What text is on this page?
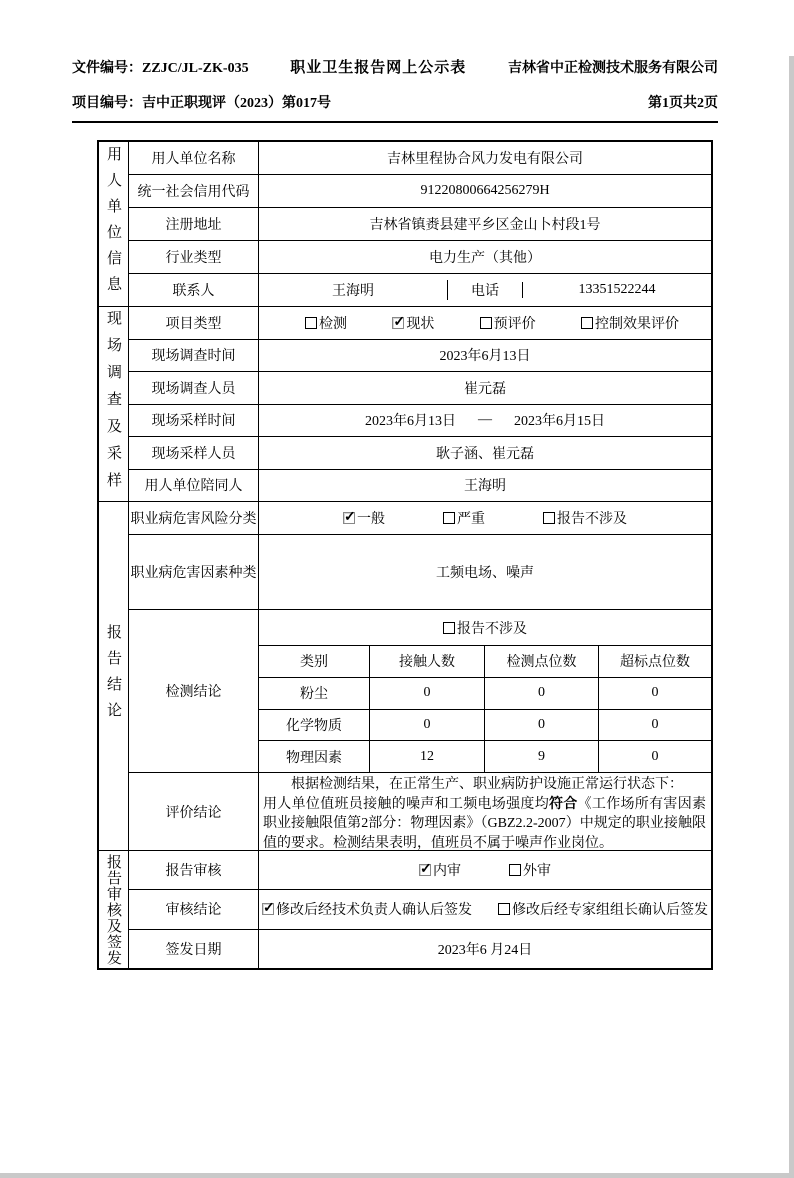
文件编号：ZZJC/JL-ZK-035	职业卫生报告网上公示表	吉林省中正检测技术服务有限公司
项目编号：吉中正职现评（2023）第017号	第1页共2页
用人单位信息	用人单位名称	吉林里程协合风力发电有限公司
统一社会信用代码	91220800664256279H
注册地址	吉林省镇赉县建平乡区金山卜村段1号
行业类型	电力生产（其他）
联系人	王海明	电话	13351522244
现场调查及采样	项目类型	检测 ✓	现状	预评价	控制效果评价
现场调查时间	2023年6月13日
现场调查人员	崔元磊
现场采样时间	2023年6月13日 — 2023年6月15日
现场采样人员	耿子涵、崔元磊
用人单位陪同人	王海明
报告结论
职业病危害风险分类 ✓	一般	严重	报告不涉及
职业病危害因素种类	工频电场、噪声
检测结论
报告不涉及
类别	接触人数	检测点位数	超标点位数
粉尘	0	0	0
化学物质	0	0	0
物理因素	12	9	0
评价结论
根据检测结果，在正常生产、职业病防护设施正常运行状态下：
用人单位值班员接触的噪声和工频电场强度均符合《工作场所有害因素职业接触限值第2部分：物理因素》（GBZ2.2-2007）中规定的职业接触限值的要求。检测结果表明，值班员不属于噪声作业岗位。
报告审核及签发	报告审核 ✓	内审	外审
审核结论 ✓	修改后经技术负责人确认后签发	修改后经专家组组长确认后签发
签发日期	2023年6 月24日
